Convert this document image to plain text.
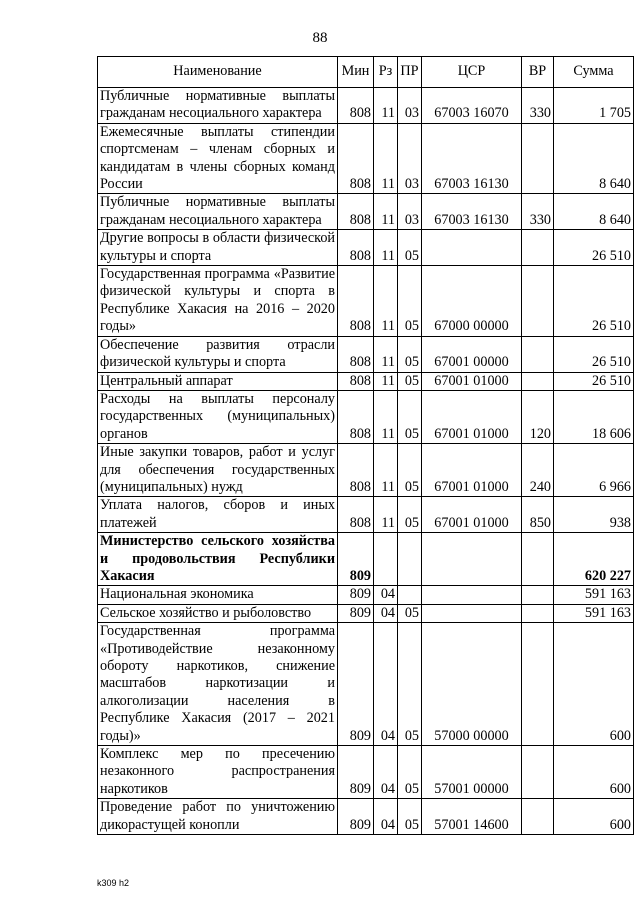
88
Наименование	Мин	Рз	ПР	ЦСР	ВР	Сумма
Публичные нормативные выплаты гражданам несоциального характера	808	11	03	67003 16070	330	1 705
Ежемесячные выплаты стипендии спортсменам – членам сборных и кандидатам в члены сборных команд России	808	11	03	67003 16130		8 640
Публичные нормативные выплаты гражданам несоциального характера	808	11	03	67003 16130	330	8 640
Другие вопросы в области физической культуры и спорта	808	11	05			26 510
Государственная программа «Развитие физической культуры и спорта в Республике Хакасия на 2016 – 2020 годы»	808	11	05	67000 00000		26 510
Обеспечение развития отрасли физической культуры и спорта	808	11	05	67001 00000		26 510
Центральный аппарат	808	11	05	67001 01000		26 510
Расходы на выплаты персоналу государственных (муниципальных) органов	808	11	05	67001 01000	120	18 606
Иные закупки товаров, работ и услуг для обеспечения государственных (муниципальных) нужд	808	11	05	67001 01000	240	6 966
Уплата налогов, сборов и иных платежей	808	11	05	67001 01000	850	938
Министерство сельского хозяйства и продовольствия Республики Хакасия	809					620 227
Национальная экономика	809	04				591 163
Сельское хозяйство и рыболовство	809	04	05			591 163
Государственная программа «Противодействие незаконному обороту наркотиков, снижение масштабов наркотизации и алкоголизации населения в Республике Хакасия (2017 – 2021 годы)»	809	04	05	57000 00000		600
Комплекс мер по пресечению незаконного распространения наркотиков	809	04	05	57001 00000		600
Проведение работ по уничтожению дикорастущей конопли	809	04	05	57001 14600		600
k309 h2
